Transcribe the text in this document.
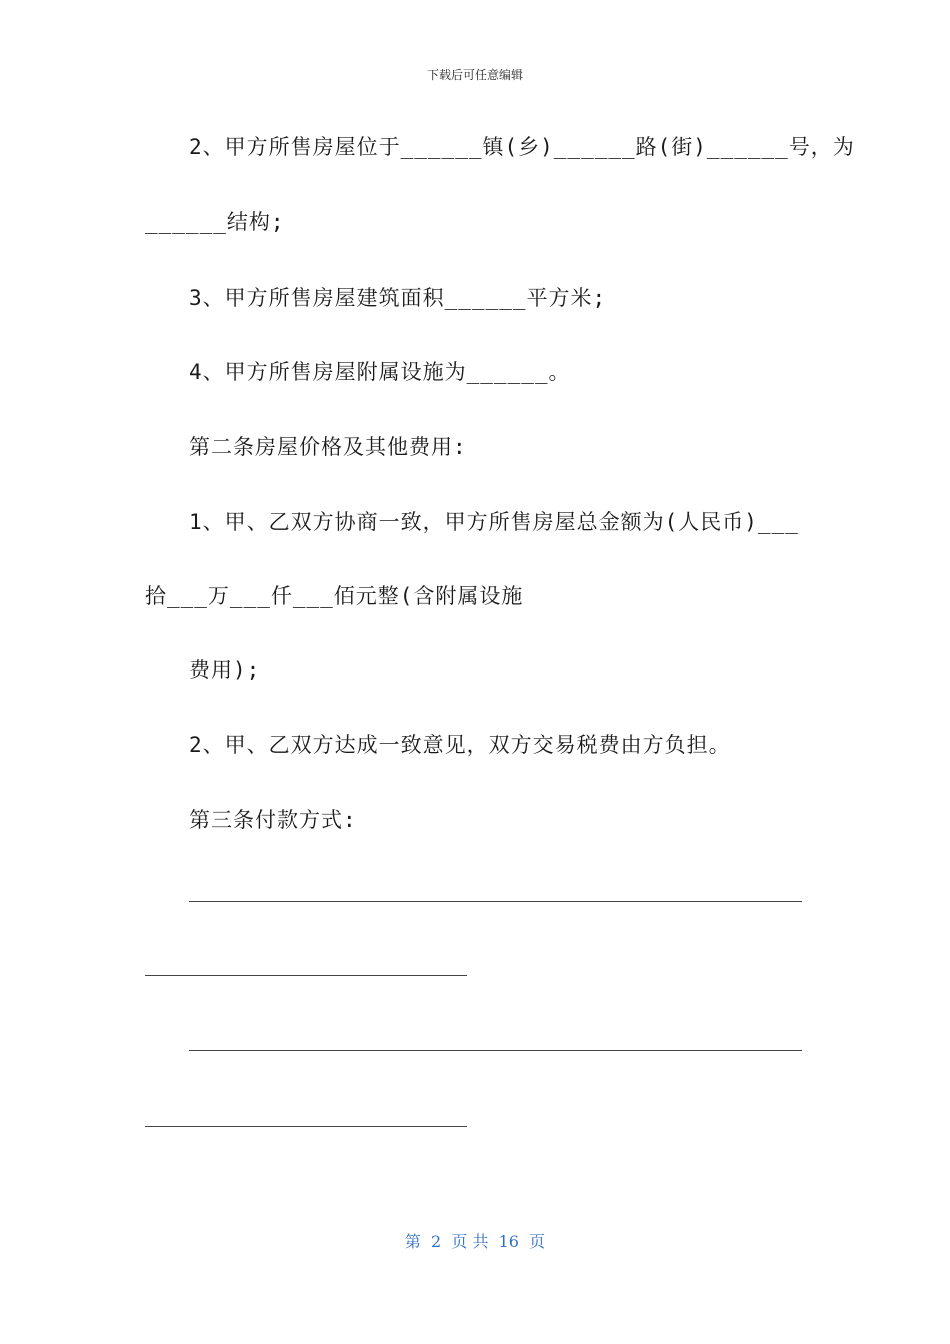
下载后可任意编辑
2、甲方所售房屋位于______镇(乡)______路(街)______号，为
______结构;
3、甲方所售房屋建筑面积______平方米;
4、甲方所售房屋附属设施为______。
第二条房屋价格及其他费用:
1、甲、乙双方协商一致，甲方所售房屋总金额为(人民币)___
拾___万___仟___佰元整(含附属设施
费用);
2、甲、乙双方达成一致意见，双方交易税费由方负担。
第三条付款方式:
第  2  页 共  16  页
